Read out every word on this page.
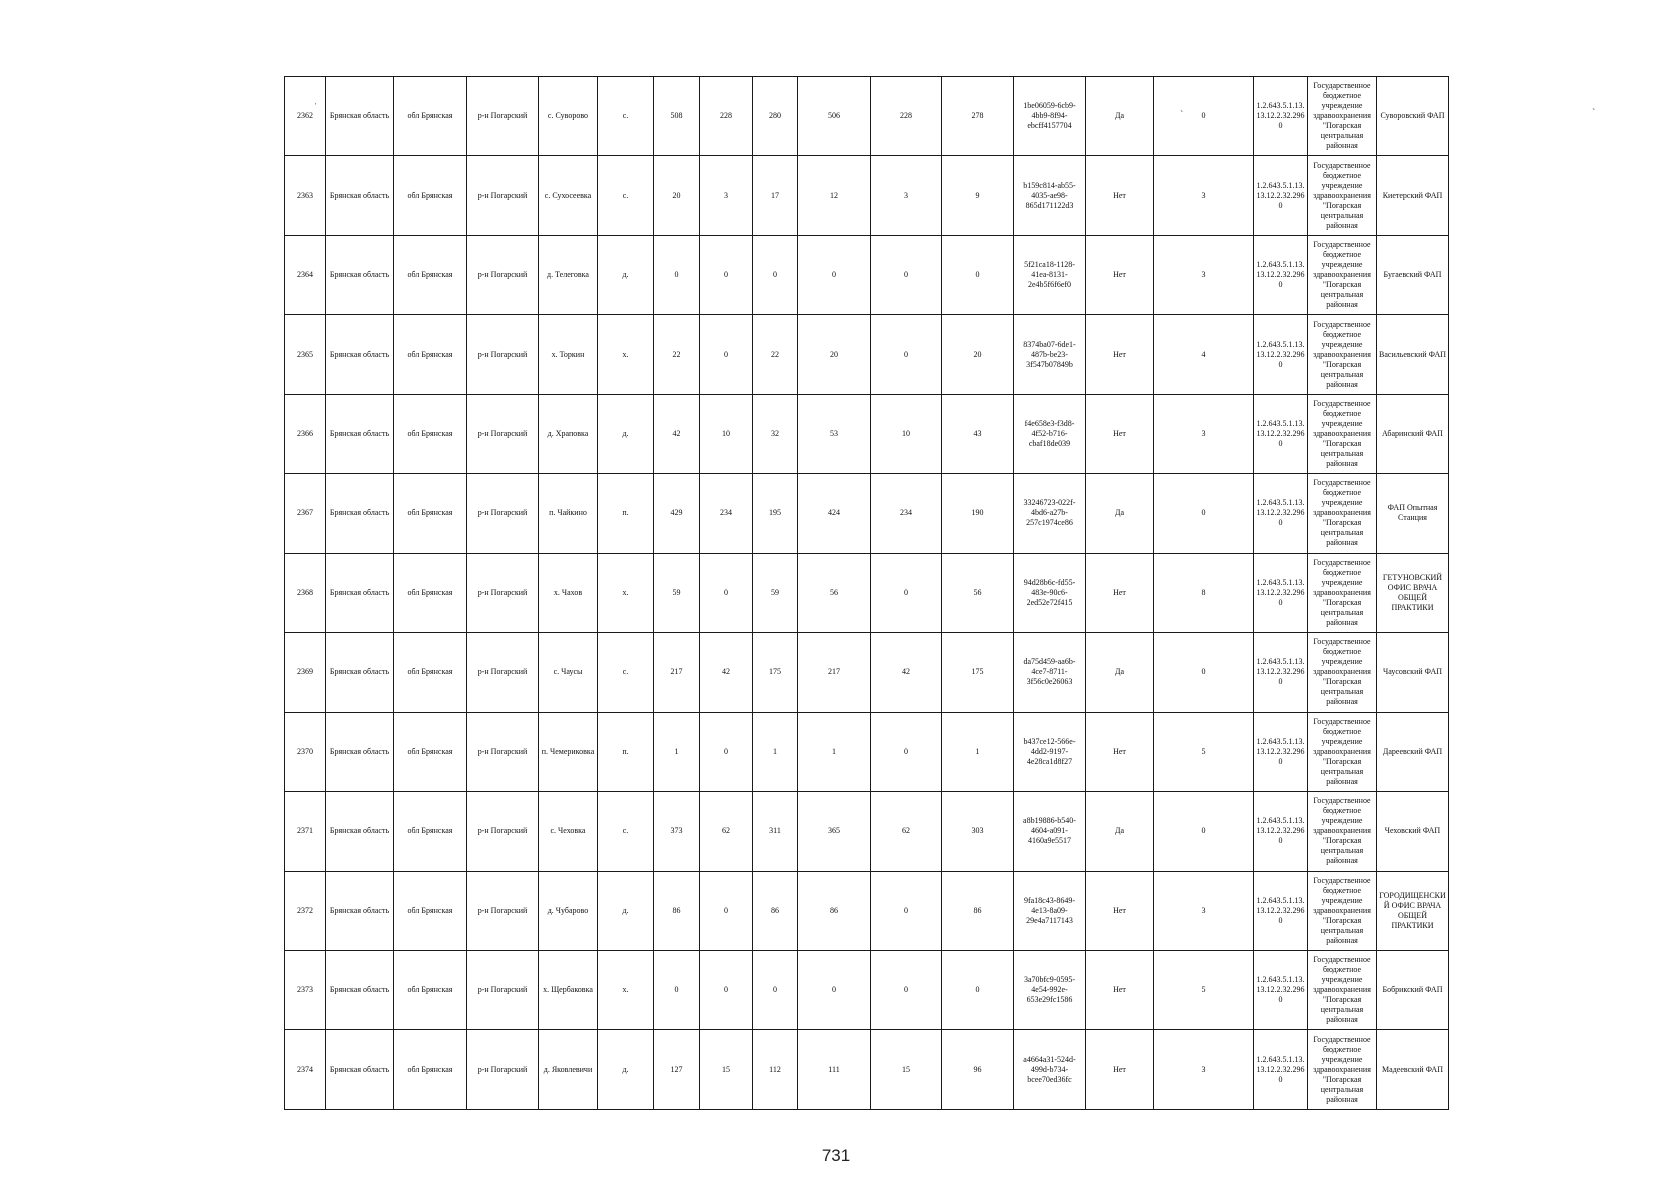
2362	Брянская область	обл Брянская	р-н Погарский	с. Суворово	с.	508	228	280	506	228	278	1be06059-6cb9-4bb9-8f94-ebcff4157704	Да	0	1.2.643.5.1.13.13.12.2.32.2960	Государственное бюджетное учреждение здравоохранения "Погарская центральная районная	Суворовский ФАП
2363	Брянская область	обл Брянская	р-н Погарский	с. Сухосеевка	с.	20	3	17	12	3	9	b159c814-ab55-4035-ae98-865d171122d3	Нет	3	1.2.643.5.1.13.13.12.2.32.2960	Государственное бюджетное учреждение здравоохранения "Погарская центральная районная	Киетерский ФАП
2364	Брянская область	обл Брянская	р-н Погарский	д. Телеговка	д.	0	0	0	0	0	0	5f21ca18-1128-41ea-8131-2e4b5f6f6ef0	Нет	3	1.2.643.5.1.13.13.12.2.32.2960	Государственное бюджетное учреждение здравоохранения "Погарская центральная районная	Бугаевский ФАП
2365	Брянская область	обл Брянская	р-н Погарский	х. Торкин	х.	22	0	22	20	0	20	8374ba07-6de1-487b-be23-3f547b07849b	Нет	4	1.2.643.5.1.13.13.12.2.32.2960	Государственное бюджетное учреждение здравоохранения "Погарская центральная районная	Васильевский ФАП
2366	Брянская область	обл Брянская	р-н Погарский	д. Храповка	д.	42	10	32	53	10	43	f4e658e3-f3d8-4f52-b716-cbaf18de039	Нет	3	1.2.643.5.1.13.13.12.2.32.2960	Государственное бюджетное учреждение здравоохранения "Погарская центральная районная	Абаринский ФАП
2367	Брянская область	обл Брянская	р-н Погарский	п. Чайкино	п.	429	234	195	424	234	190	33246723-022f-4bd6-a27b-257c1974ce86	Да	0	1.2.643.5.1.13.13.12.2.32.2960	Государственное бюджетное учреждение здравоохранения "Погарская центральная районная	ФАП Опытная Станция
2368	Брянская область	обл Брянская	р-н Погарский	х. Чахов	х.	59	0	59	56	0	56	94d28b6c-fd55-483e-90c6-2ed52e72f415	Нет	8	1.2.643.5.1.13.13.12.2.32.2960	Государственное бюджетное учреждение здравоохранения "Погарская центральная районная	ГЕТУНОВСКИЙ ОФИС ВРАЧА ОБЩЕЙ ПРАКТИКИ
2369	Брянская область	обл Брянская	р-н Погарский	с. Чаусы	с.	217	42	175	217	42	175	da75d459-aa6b-4ce7-8711-3f56c0e26063	Да	0	1.2.643.5.1.13.13.12.2.32.2960	Государственное бюджетное учреждение здравоохранения "Погарская центральная районная	Чаусовский ФАП
2370	Брянская область	обл Брянская	р-н Погарский	п. Чемериковка	п.	1	0	1	1	0	1	b437ce12-566e-4dd2-9197-4e28ca1d8f27	Нет	5	1.2.643.5.1.13.13.12.2.32.2960	Государственное бюджетное учреждение здравоохранения "Погарская центральная районная	Дареевский ФАП
2371	Брянская область	обл Брянская	р-н Погарский	с. Чеховка	с.	373	62	311	365	62	303	a8b19886-b540-4604-a091-4160a9e5517	Да	0	1.2.643.5.1.13.13.12.2.32.2960	Государственное бюджетное учреждение здравоохранения "Погарская центральная районная	Чеховский ФАП
2372	Брянская область	обл Брянская	р-н Погарский	д. Чубарово	д.	86	0	86	86	0	86	9fa18c43-8649-4e13-8a09-29e4a7117143	Нет	3	1.2.643.5.1.13.13.12.2.32.2960	Государственное бюджетное учреждение здравоохранения "Погарская центральная районная	ГОРОДИЩЕНСКИЙ ОФИС ВРАЧА ОБЩЕЙ ПРАКТИКИ
2373	Брянская область	обл Брянская	р-н Погарский	х. Щербаковка	х.	0	0	0	0	0	0	3a70bfc9-0595-4e54-992e-653e29fc1586	Нет	5	1.2.643.5.1.13.13.12.2.32.2960	Государственное бюджетное учреждение здравоохранения "Погарская центральная районная	Бобрикский ФАП
2374	Брянская область	обл Брянская	р-н Погарский	д. Яковлевичи	д.	127	15	112	111	15	96	a4664a31-524d-499d-b734-bcee70ed36fc	Нет	3	1.2.643.5.1.13.13.12.2.32.2960	Государственное бюджетное учреждение здравоохранения "Погарская центральная районная	Мадеевский ФАП
731
ˈ
ˋ	ˋ
